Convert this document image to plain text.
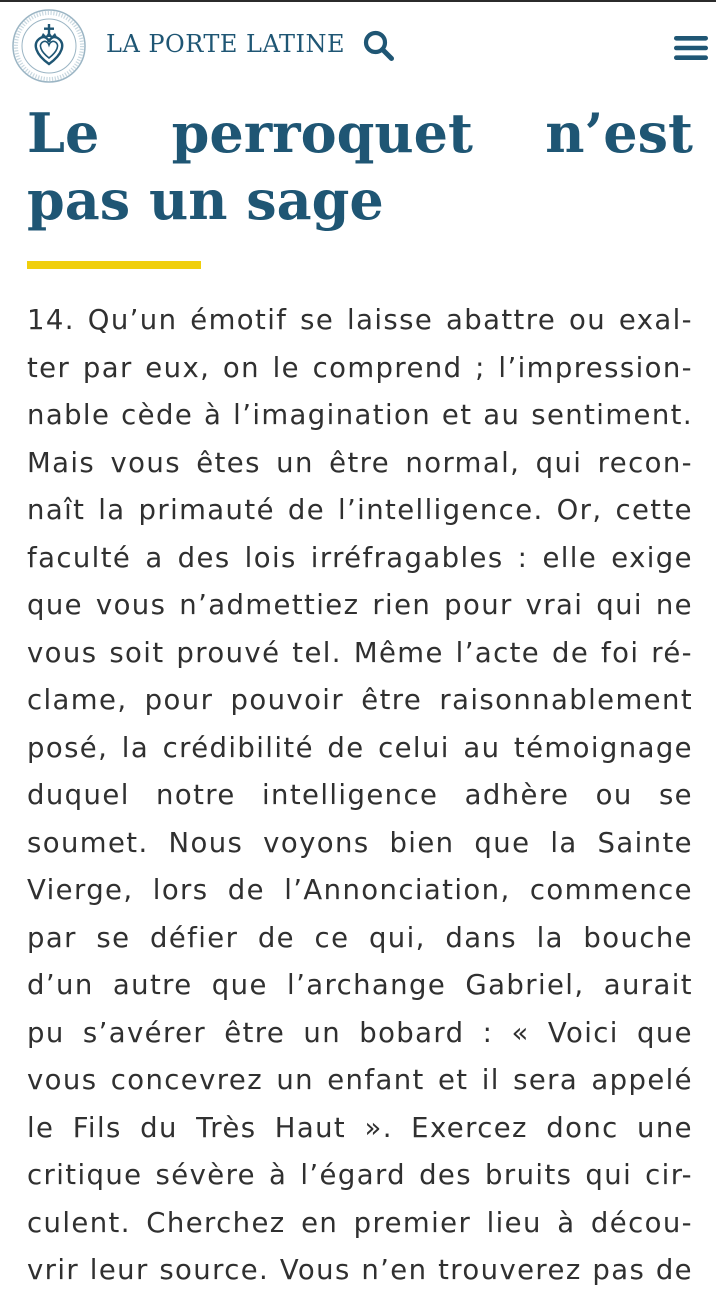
LA PORTE LATINE
Le perroquet n’est pas un sage
14. Qu’un émotif se laisse abattre ou exal-
ter par eux, on le comprend ; l’impression-
nable cède à l’imagination et au sentiment.
Mais vous êtes un être normal, qui recon-
naît la primauté de l’intelligence. Or, cette
faculté a des lois irréfragables : elle exige
que vous n’admettiez rien pour vrai qui ne
vous soit prouvé tel. Même l’acte de foi ré-
clame, pour pouvoir être raisonnablement
posé, la crédibilité de celui au témoignage
duquel notre intelligence adhère ou se
soumet. Nous voyons bien que la Sainte
Vierge, lors de l’Annonciation, commence
par se défier de ce qui, dans la bouche
d’un autre que l’archange Gabriel, aurait
pu s’avérer être un bobard : « Voici que
vous concevrez un enfant et il sera appelé
le Fils du Très Haut ». Exercez donc une
critique sévère à l’égard des bruits qui cir-
culent. Cherchez en premier lieu à décou-
vrir leur source. Vous n’en trouverez pas de
